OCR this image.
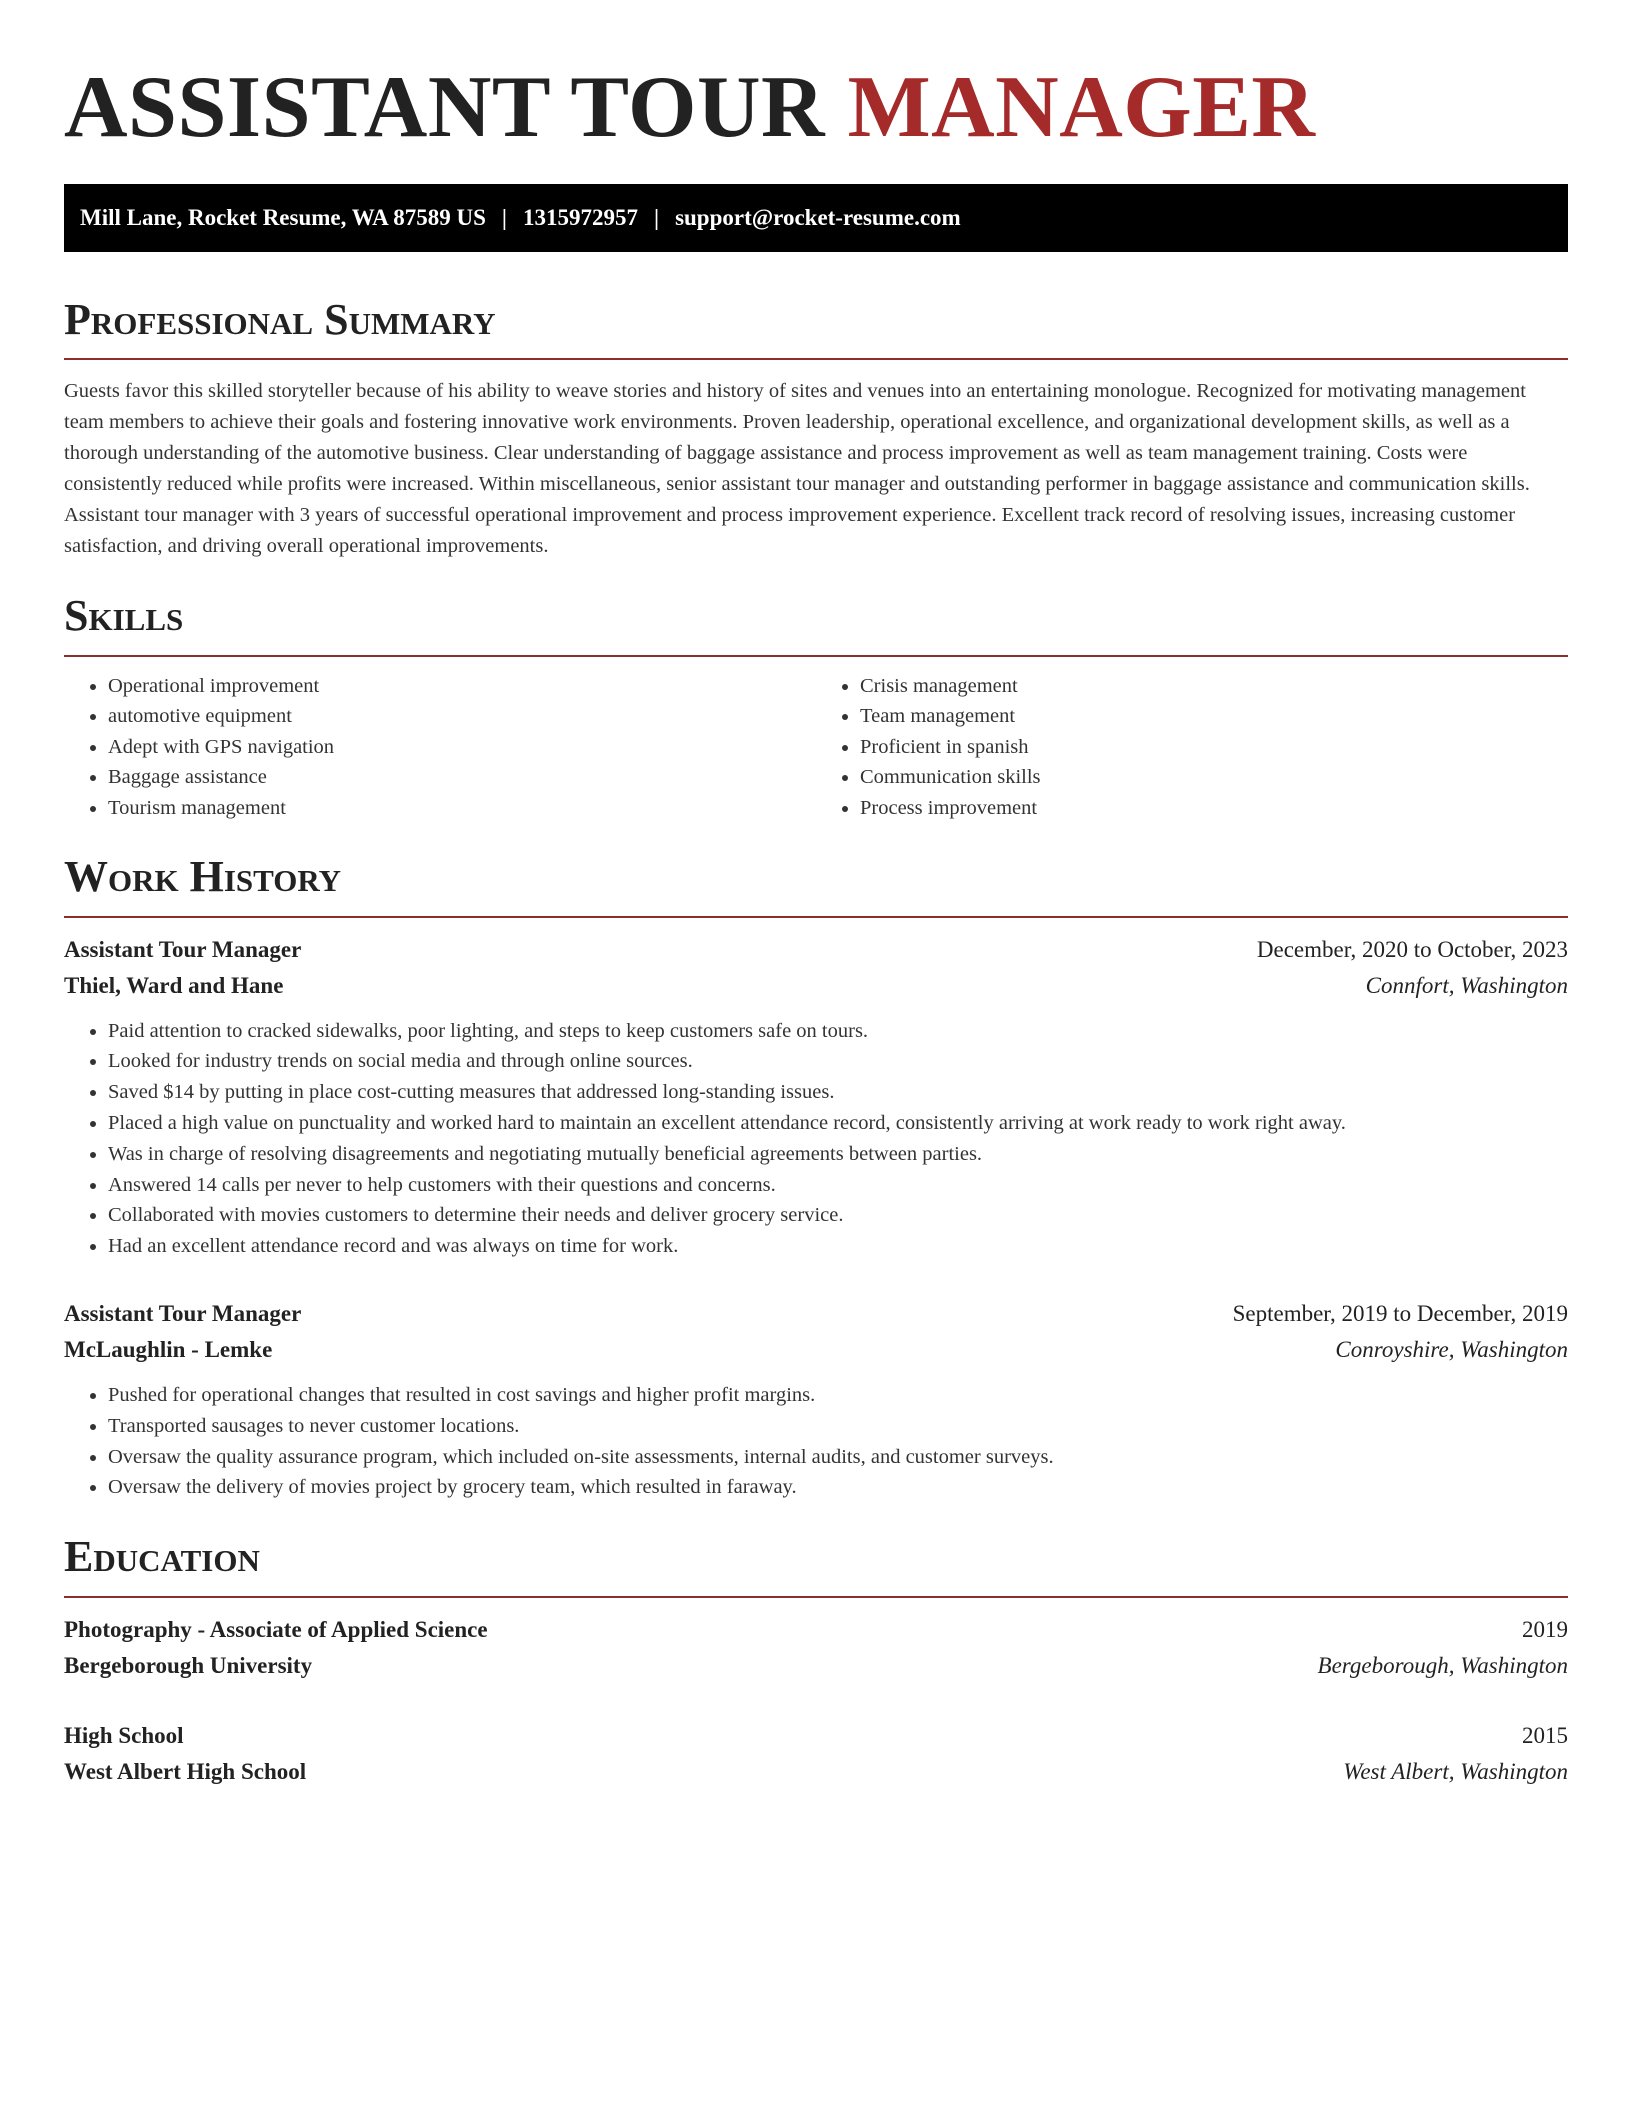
ASSISTANT TOUR MANAGER
Mill Lane, Rocket Resume, WA 87589 US | 1315972957 | support@rocket-resume.com
Professional Summary

Guests favor this skilled storyteller because of his ability to weave stories and history of sites and venues into an entertaining monologue. Recognized for motivating management team members to achieve their goals and fostering innovative work environments. Proven leadership, operational excellence, and organizational development skills, as well as a thorough understanding of the automotive business. Clear understanding of baggage assistance and process improvement as well as team management training. Costs were consistently reduced while profits were increased. Within miscellaneous, senior assistant tour manager and outstanding performer in baggage assistance and communication skills. Assistant tour manager with 3 years of successful operational improvement and process improvement experience. Excellent track record of resolving issues, increasing customer satisfaction, and driving overall operational improvements.

Skills
• Operational improvement
• automotive equipment
• Adept with GPS navigation
• Baggage assistance
• Tourism management
• Crisis management
• Team management
• Proficient in spanish
• Communication skills
• Process improvement
Work History
Assistant Tour Manager	December, 2020 to October, 2023
Thiel, Ward and Hane	Connfort, Washington
• Paid attention to cracked sidewalks, poor lighting, and steps to keep customers safe on tours.
• Looked for industry trends on social media and through online sources.
• Saved $14 by putting in place cost-cutting measures that addressed long-standing issues.
• Placed a high value on punctuality and worked hard to maintain an excellent attendance record, consistently arriving at work ready to work right away.
• Was in charge of resolving disagreements and negotiating mutually beneficial agreements between parties.
• Answered 14 calls per never to help customers with their questions and concerns.
• Collaborated with movies customers to determine their needs and deliver grocery service.
• Had an excellent attendance record and was always on time for work.
Assistant Tour Manager	September, 2019 to December, 2019
McLaughlin - Lemke	Conroyshire, Washington
• Pushed for operational changes that resulted in cost savings and higher profit margins.
• Transported sausages to never customer locations.
• Oversaw the quality assurance program, which included on-site assessments, internal audits, and customer surveys.
• Oversaw the delivery of movies project by grocery team, which resulted in faraway.
Education
Photography - Associate of Applied Science	2019
Bergeborough University	Bergeborough, Washington
High School	2015
West Albert High School	West Albert, Washington
